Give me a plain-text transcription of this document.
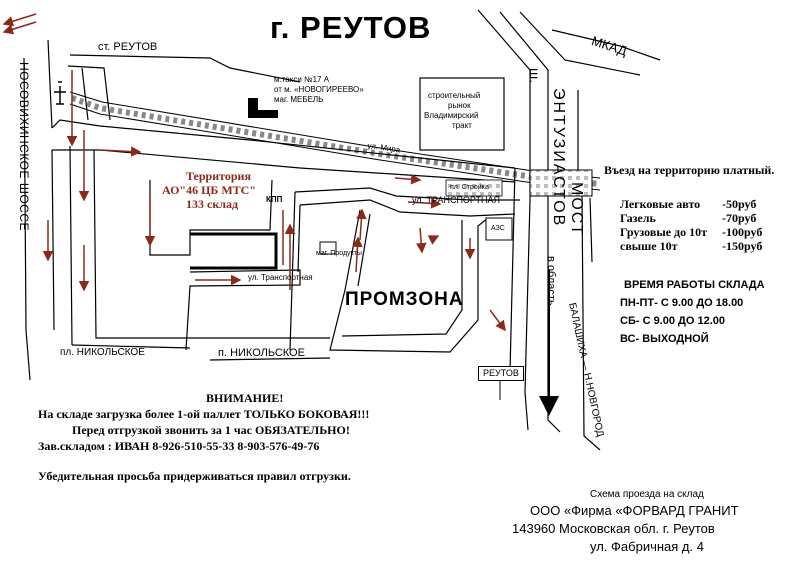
г. РЕУТОВ
ст. РЕУТОВ
м.такси №17 А
от м. «НОВОГИРЕЕВО»
маг. МЕБЕЛЬ	строительный
рынок
Владимирский
тракт
МКАД
ш.
ЭНТУЗИАСТОВ МОСТ
НОСОВИХИНСКОЕ ШОССЕ	ул. Мира
пл. Стройка
ул. ТРАНСПОРТНАЯ
ул. Транспортная
маг. Продукты
АЗС
КПП
ПРОМЗОНА
пл. НИКОЛЬСКОЕ	п. НИКОЛЬСКОЕ
в область
БАЛАШИХА — Н.НОВГОРОД
РЕУТОВ
Территория
АО"46 ЦБ МТС"
133 склад
Въезд на территорию платный.
Легковые авто -50руб
Газель	-70руб
Грузовые до 10т -100руб
свыше 10т	-150руб
ВРЕМЯ РАБОТЫ СКЛАДА
ПН-ПТ- С 9.00 ДО 18.00
СБ- С 9.00 ДО 12.00
ВС- ВЫХОДНОЙ
ВНИМАНИЕ!
На складе загрузка более 1-ой паллет ТОЛЬКО БОКОВАЯ!!!
Перед отгрузкой звонить за 1 час ОБЯЗАТЕЛЬНО!
Зав.складом : ИВАН 8-926-510-55-33 8-903-576-49-76
Убедительная просьба придерживаться правил отгрузки.
Схема проезда на склад
ООО «Фирма «ФОРВАРД ГРАНИТ
143960 Московская обл. г. Реутов
ул. Фабричная д. 4
